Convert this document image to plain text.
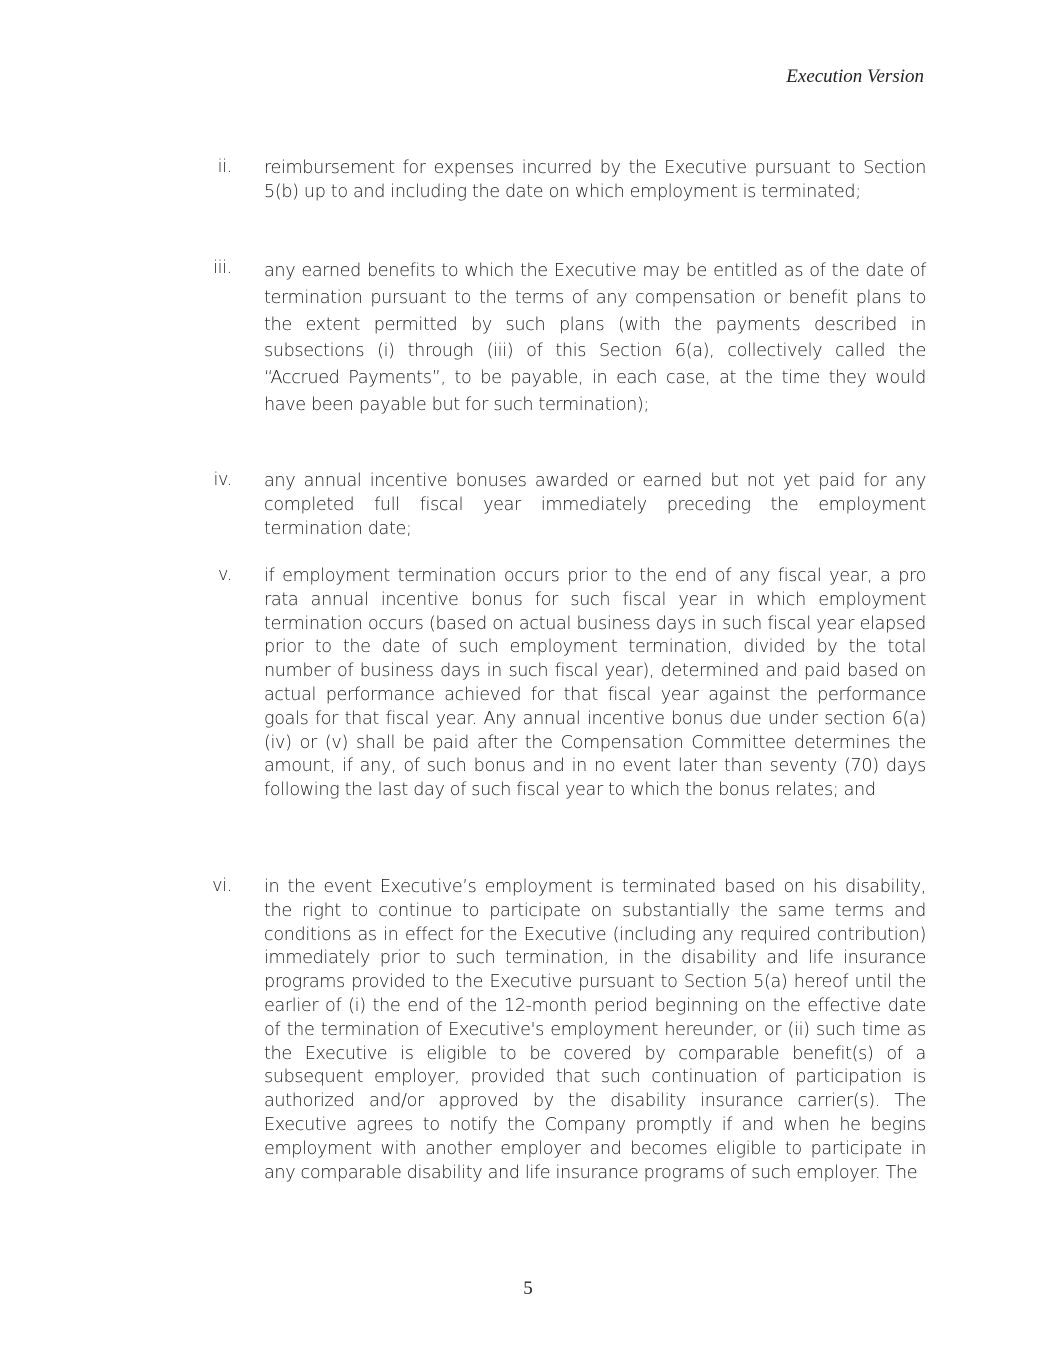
Execution Version
ii. reimbursement for expenses incurred by the Executive pursuant to Section 5(b) up to and including the date on which employment is terminated;
iii. any earned benefits to which the Executive may be entitled as of the date of termination pursuant to the terms of any compensation or benefit plans to the extent permitted by such plans (with the payments described in subsections (i) through (iii) of this Section 6(a), collectively called the “Accrued Payments”, to be payable, in each case, at the time they would have been payable but for such termination);
iv. any annual incentive bonuses awarded or earned but not yet paid for any completed full fiscal year immediately preceding the employment termination date;
v. if employment termination occurs prior to the end of any fiscal year, a pro rata annual incentive bonus for such fiscal year in which employment termination occurs (based on actual business days in such fiscal year elapsed prior to the date of such employment termination, divided by the total number of business days in such fiscal year), determined and paid based on actual performance achieved for that fiscal year against the performance goals for that fiscal year. Any annual incentive bonus due under section 6(a)(iv) or (v) shall be paid after the Compensation Committee determines the amount, if any, of such bonus and in no event later than seventy (70) days following the last day of such fiscal year to which the bonus relates; and
vi. in the event Executive’s employment is terminated based on his disability, the right to continue to participate on substantially the same terms and conditions as in effect for the Executive (including any required contribution) immediately prior to such termination, in the disability and life insurance programs provided to the Executive pursuant to Section 5(a) hereof until the earlier of (i) the end of the 12-month period beginning on the effective date of the termination of Executive's employment hereunder, or (ii) such time as the Executive is eligible to be covered by comparable benefit(s) of a subsequent employer, provided that such continuation of participation is authorized and/or approved by the disability insurance carrier(s). The Executive agrees to notify the Company promptly if and when he begins employment with another employer and becomes eligible to participate in any comparable disability and life insurance programs of such employer. The
5
